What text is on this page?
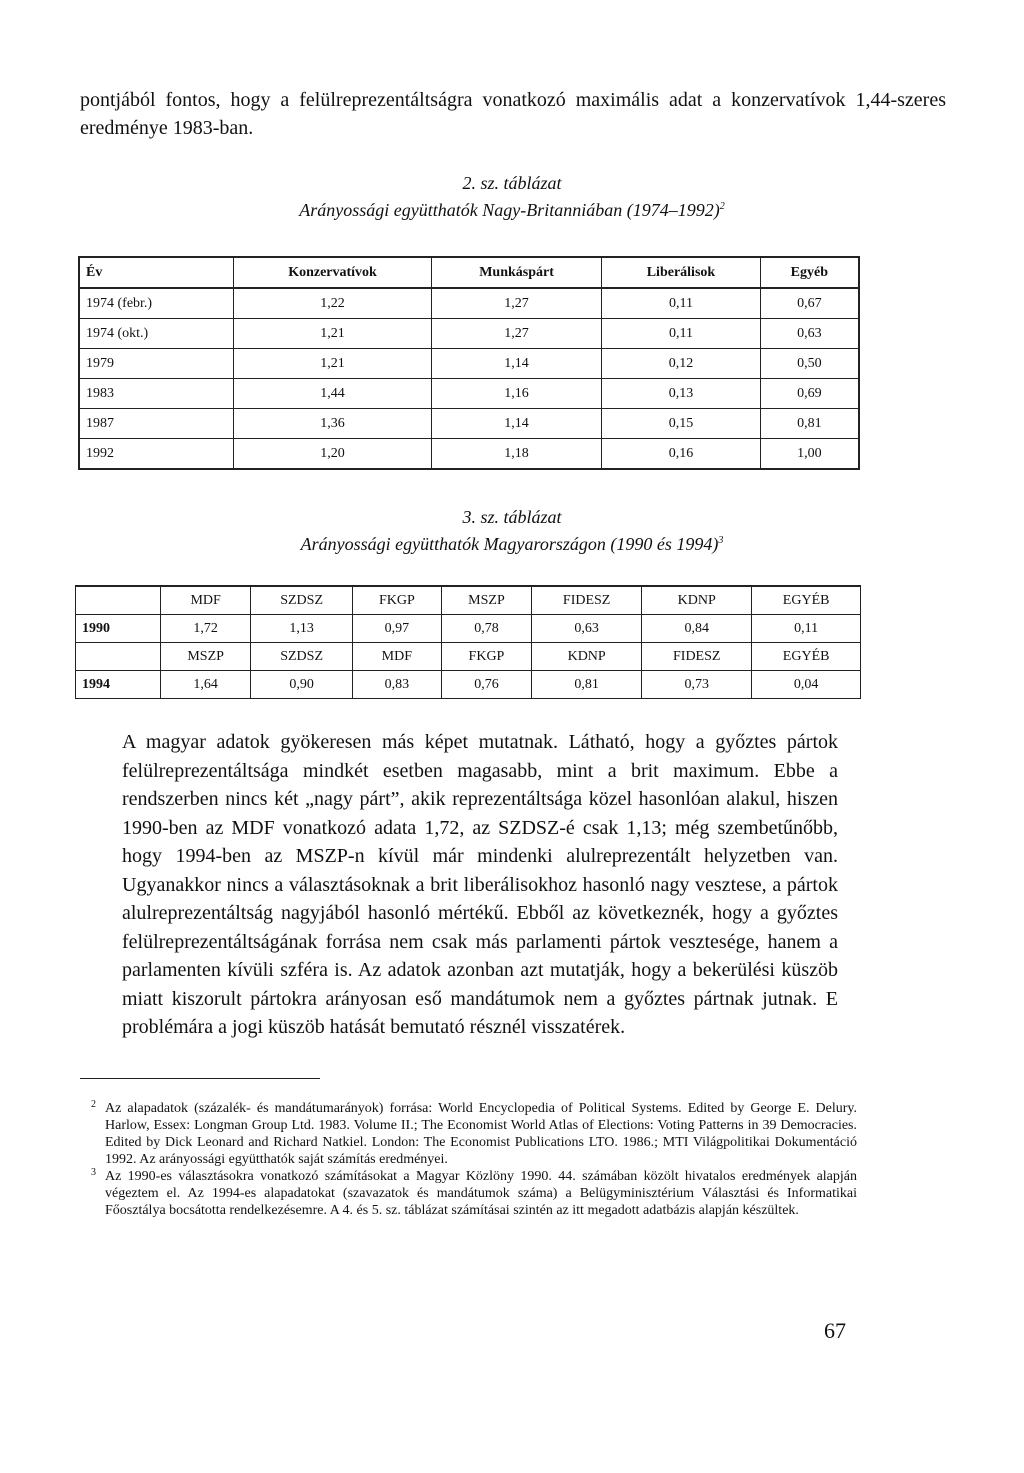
pontjából fontos, hogy a felülreprezentáltságra vonatkozó maximális adat a konzervatívok 1,44-szeres eredménye 1983-ban.
2. sz. táblázat
Arányossági együtthatók Nagy-Britanniában (1974–1992)$^2$
Év	Konzervatívok	Munkáspárt	Liberálisok	Egyéb
1974 (febr.)	1,22	1,27	0,11	0,67
1974 (okt.)	1,21	1,27	0,11	0,63
1979	1,21	1,14	0,12	0,50
1983	1,44	1,16	0,13	0,69
1987	1,36	1,14	0,15	0,81
1992	1,20	1,18	0,16	1,00
3. sz. táblázat
Arányossági együtthatók Magyarországon (1990 és 1994)$^3$
	MDF	SZDSZ	FKGP	MSZP	FIDESZ	KDNP	EGYÉB
1990	1,72	1,13	0,97	0,78	0,63	0,84	0,11
	MSZP	SZDSZ	MDF	FKGP	KDNP	FIDESZ	EGYÉB
1994	1,64	0,90	0,83	0,76	0,81	0,73	0,04

A magyar adatok gyökeresen más képet mutatnak. Látható, hogy a győztes pártok felülreprezentáltsága mindkét esetben magasabb, mint a brit maximum. Ebbe a rendszerben nincs két „nagy párt”, akik reprezentáltsága közel hasonlóan alakul, hiszen 1990-ben az MDF vonatkozó adata 1,72, az SZDSZ-é csak 1,13; még szembetűnőbb, hogy 1994-ben az MSZP-n kívül már mindenki alulreprezentált helyzetben van. Ugyanakkor nincs a választásoknak a brit liberálisokhoz hasonló nagy vesztese, a pártok alulreprezentáltság nagyjából hasonló mértékű. Ebből az következnék, hogy a győztes felülreprezentáltságának forrása nem csak más parlamenti pártok vesztesége, hanem a parlamenten kívüli szféra is. Az adatok azonban azt mutatják, hogy a bekerülési küszöb miatt kiszorult pártokra arányosan eső mandátumok nem a győztes pártnak jutnak. E problémára a jogi küszöb hatását bemutató résznél visszatérek.

2 Az alapadatok (százalék- és mandátumarányok) forrása: World Encyclopedia of Political Systems. Edited by George E. Delury. Harlow, Essex: Longman Group Ltd. 1983. Volume II.; The Economist World Atlas of Elections: Voting Patterns in 39 Democracies. Edited by Dick Leonard and Richard Natkiel. London: The Economist Publications LTO. 1986.; MTI Világpolitikai Dokumentáció 1992. Az arányossági együtthatók saját számítás eredményei.

3 Az 1990-es választásokra vonatkozó számításokat a Magyar Közlöny 1990. 44. számában közölt hivatalos eredmények alapján végeztem el. Az 1994-es alapadatokat (szavazatok és mandátumok száma) a Belügyminisztérium Választási és Informatikai Főosztálya bocsátotta rendelkezésemre. A 4. és 5. sz. táblázat számításai szintén az itt megadott adatbázis alapján készültek.

67
